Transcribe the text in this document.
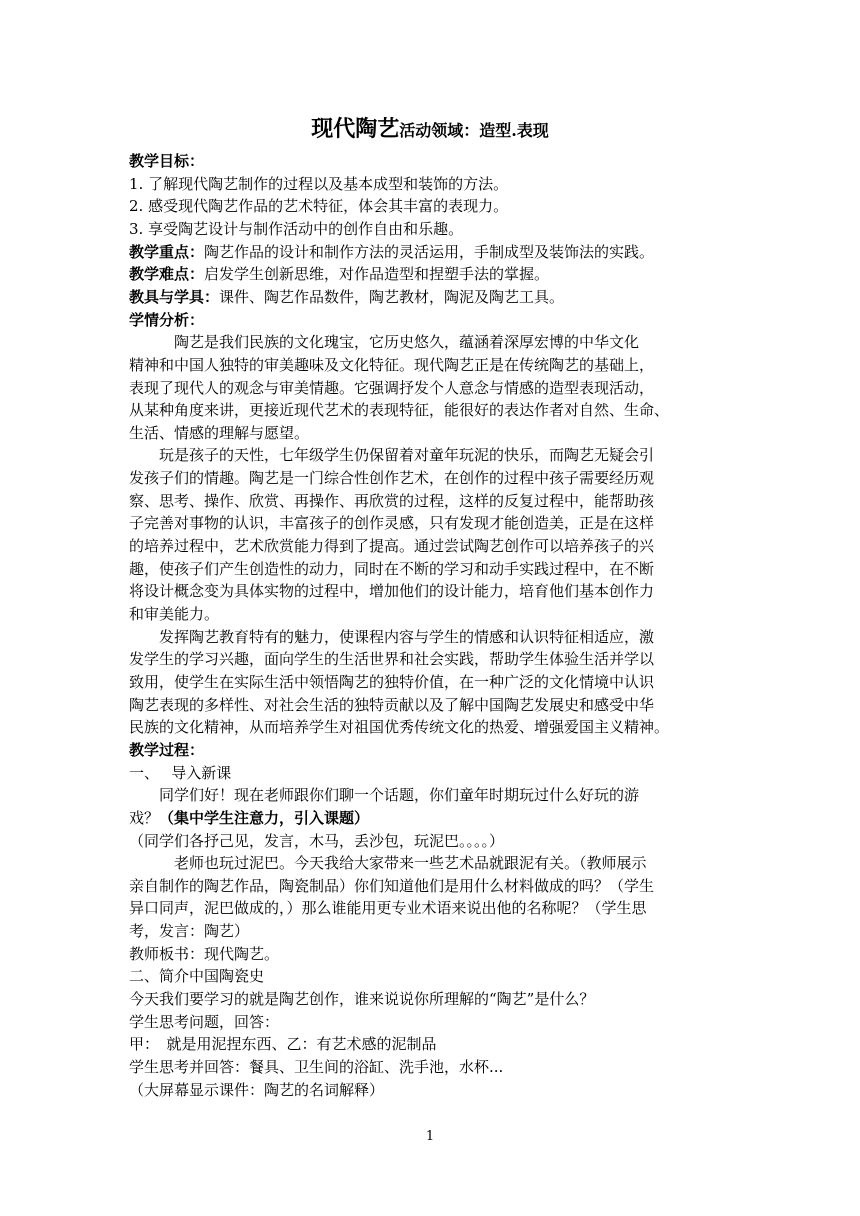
现代陶艺活动领域：造型.表现
教学目标：
1. 了解现代陶艺制作的过程以及基本成型和装饰的方法。
2. 感受现代陶艺作品的艺术特征，体会其丰富的表现力。
3. 享受陶艺设计与制作活动中的创作自由和乐趣。
教学重点：陶艺作品的设计和制作方法的灵活运用，手制成型及装饰法的实践。
教学难点：启发学生创新思维，对作品造型和捏塑手法的掌握。
教具与学具：课件、陶艺作品数件，陶艺教材，陶泥及陶艺工具。
学情分析：
　　　陶艺是我们民族的文化瑰宝，它历史悠久，蕴涵着深厚宏博的中华文化
精神和中国人独特的审美趣味及文化特征。现代陶艺正是在传统陶艺的基础上，
表现了现代人的观念与审美情趣。它强调抒发个人意念与情感的造型表现活动，
从某种角度来讲，更接近现代艺术的表现特征，能很好的表达作者对自然、生命、
生活、情感的理解与愿望。
　　玩是孩子的天性，七年级学生仍保留着对童年玩泥的快乐，而陶艺无疑会引
发孩子们的情趣。陶艺是一门综合性创作艺术，在创作的过程中孩子需要经历观
察、思考、操作、欣赏、再操作、再欣赏的过程，这样的反复过程中，能帮助孩
子完善对事物的认识，丰富孩子的创作灵感，只有发现才能创造美，正是在这样
的培养过程中，艺术欣赏能力得到了提高。通过尝试陶艺创作可以培养孩子的兴
趣，使孩子们产生创造性的动力，同时在不断的学习和动手实践过程中，在不断
将设计概念变为具体实物的过程中，增加他们的设计能力，培育他们基本创作力
和审美能力。
　　发挥陶艺教育特有的魅力，使课程内容与学生的情感和认识特征相适应，激
发学生的学习兴趣，面向学生的生活世界和社会实践，帮助学生体验生活并学以
致用，使学生在实际生活中领悟陶艺的独特价值，在一种广泛的文化情境中认识
陶艺表现的多样性、对社会生活的独特贡献以及了解中国陶艺发展史和感受中华
民族的文化精神，从而培养学生对祖国优秀传统文化的热爱、增强爱国主义精神。
教学过程：
一、　 导入新课
　　同学们好！现在老师跟你们聊一个话题，你们童年时期玩过什么好玩的游
戏？（集中学生注意力，引入课题）
（同学们各抒己见，发言，木马，丢沙包，玩泥巴。。。。）
　　　老师也玩过泥巴。今天我给大家带来一些艺术品就跟泥有关。（教师展示
亲自制作的陶艺作品，陶瓷制品）你们知道他们是用什么材料做成的吗？（学生
异口同声，泥巴做成的，）那么谁能用更专业术语来说出他的名称呢？（学生思
考，发言：陶艺）
教师板书：现代陶艺。
二、简介中国陶瓷史
今天我们要学习的就是陶艺创作，谁来说说你所理解的“陶艺”是什么？
学生思考问题，回答：
甲：　就是用泥捏东西、乙：有艺术感的泥制品
学生思考并回答：餐具、卫生间的浴缸、洗手池，水杯...
（大屏幕显示课件：陶艺的名词解释）
1
